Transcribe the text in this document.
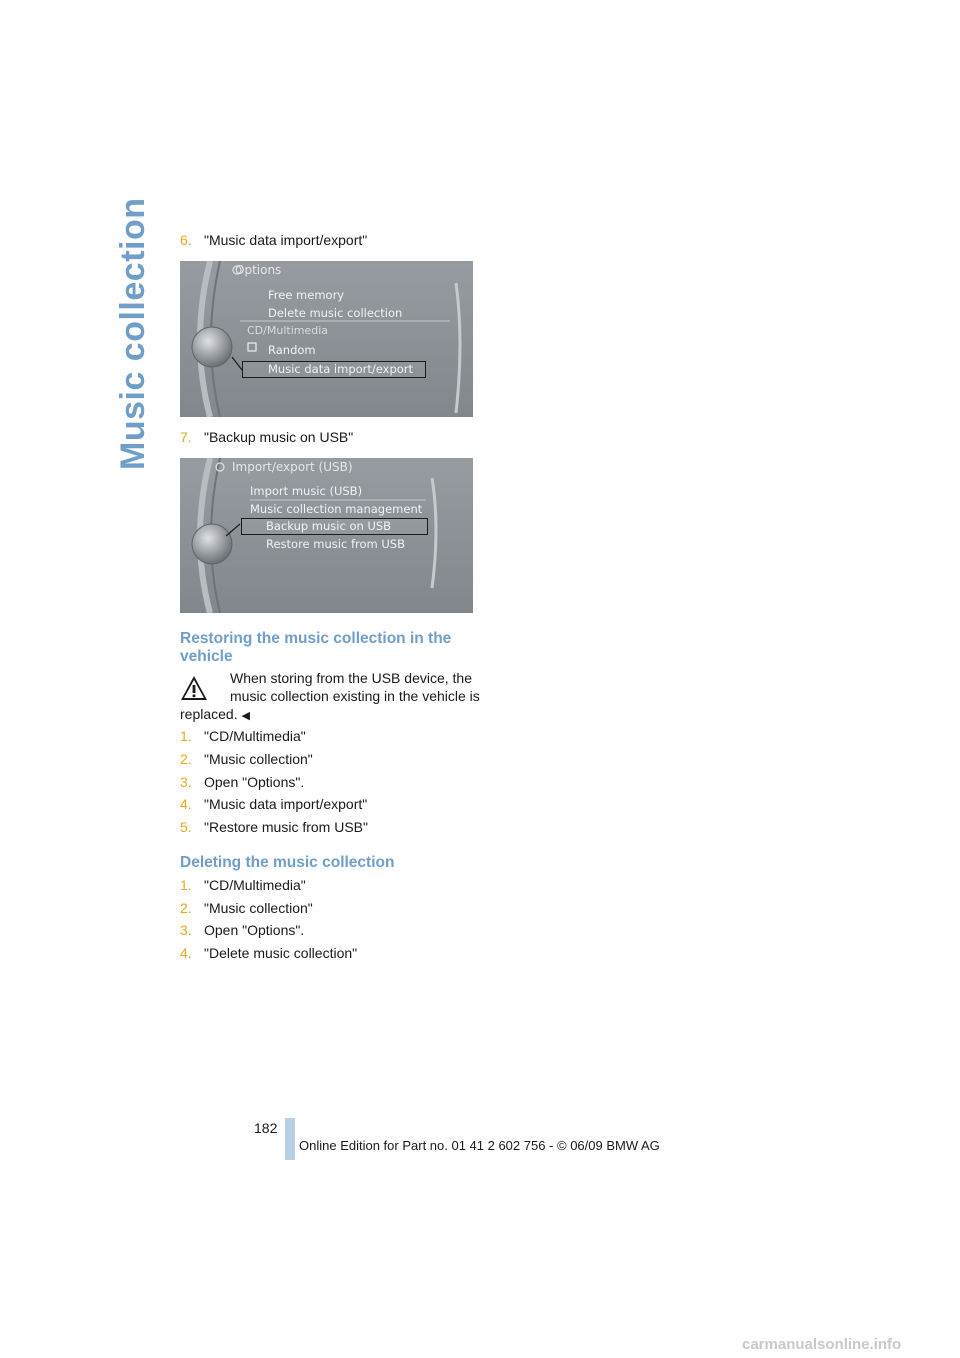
Music collection 6. "Music data import/export"
Options
Free memory
Delete music collection
CD/Multimedia
Random
Music data import/export
7. "Backup music on USB"
Import/export (USB)
Import music (USB)
Music collection management
Backup music on USB
Restore music from USB
Restoring the music collection in the
vehicle
When storing from the USB device, the
music collection existing in the vehicle is
replaced. ◀
1. "CD/Multimedia"
2. "Music collection"
3. Open "Options".
4. "Music data import/export"
5. "Restore music from USB"
Deleting the music collection
1. "CD/Multimedia"
2. "Music collection"
3. Open "Options".
4. "Delete music collection"
182
Online Edition for Part no. 01 41 2 602 756 - © 06/09 BMW AG
carmanualsonline.info
